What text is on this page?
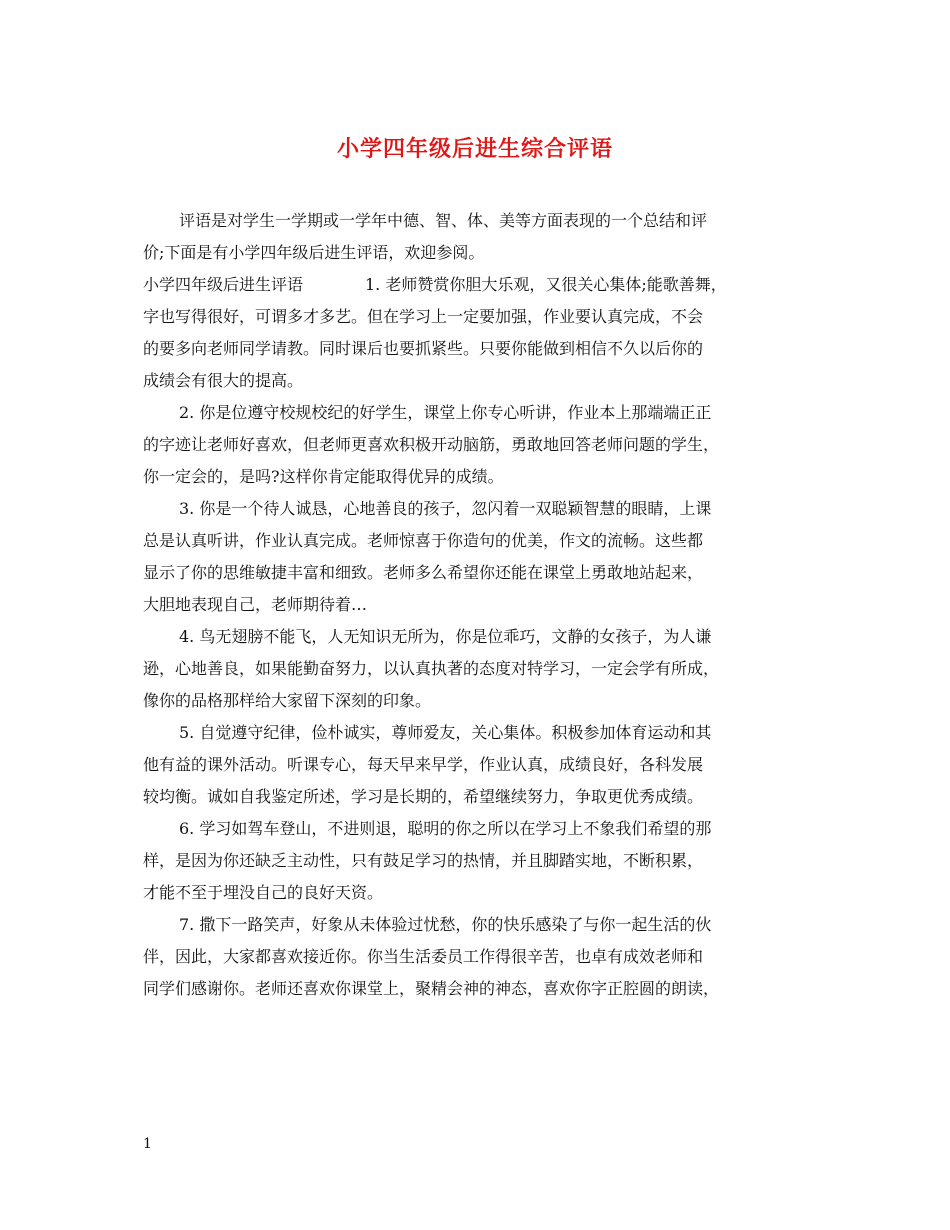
小学四年级后进生综合评语
评语是对学生一学期或一学年中德、智、体、美等方面表现的一个总结和评
价;下面是有小学四年级后进生评语，欢迎参阅。
小学四年级后进生评语	1. 老师赞赏你胆大乐观，又很关心集体;能歌善舞，
字也写得很好，可谓多才多艺。但在学习上一定要加强，作业要认真完成，不会
的要多向老师同学请教。同时课后也要抓紧些。只要你能做到相信不久以后你的
成绩会有很大的提高。
2. 你是位遵守校规校纪的好学生，课堂上你专心听讲，作业本上那端端正正
的字迹让老师好喜欢，但老师更喜欢积极开动脑筋，勇敢地回答老师问题的学生，
你一定会的，是吗?这样你肯定能取得优异的成绩。
3. 你是一个待人诚恳，心地善良的孩子，忽闪着一双聪颖智慧的眼睛，上课
总是认真听讲，作业认真完成。老师惊喜于你造句的优美，作文的流畅。这些都
显示了你的思维敏捷丰富和细致。老师多么希望你还能在课堂上勇敢地站起来，
大胆地表现自己，老师期待着…
4. 鸟无翅膀不能飞，人无知识无所为，你是位乖巧，文静的女孩子，为人谦
逊，心地善良，如果能勤奋努力，以认真执著的态度对特学习，一定会学有所成，
像你的品格那样给大家留下深刻的印象。
5. 自觉遵守纪律，俭朴诚实，尊师爱友，关心集体。积极参加体育运动和其
他有益的课外活动。听课专心，每天早来早学，作业认真，成绩良好，各科发展
较均衡。诚如自我鉴定所述，学习是长期的，希望继续努力，争取更优秀成绩。
6. 学习如驾车登山，不进则退，聪明的你之所以在学习上不象我们希望的那
样，是因为你还缺乏主动性，只有鼓足学习的热情，并且脚踏实地，不断积累，
才能不至于埋没自己的良好天资。
7. 撒下一路笑声，好象从未体验过忧愁，你的快乐感染了与你一起生活的伙
伴，因此，大家都喜欢接近你。你当生活委员工作得很辛苦，也卓有成效老师和
同学们感谢你。老师还喜欢你课堂上，聚精会神的神态，喜欢你字正腔圆的朗读，
1
